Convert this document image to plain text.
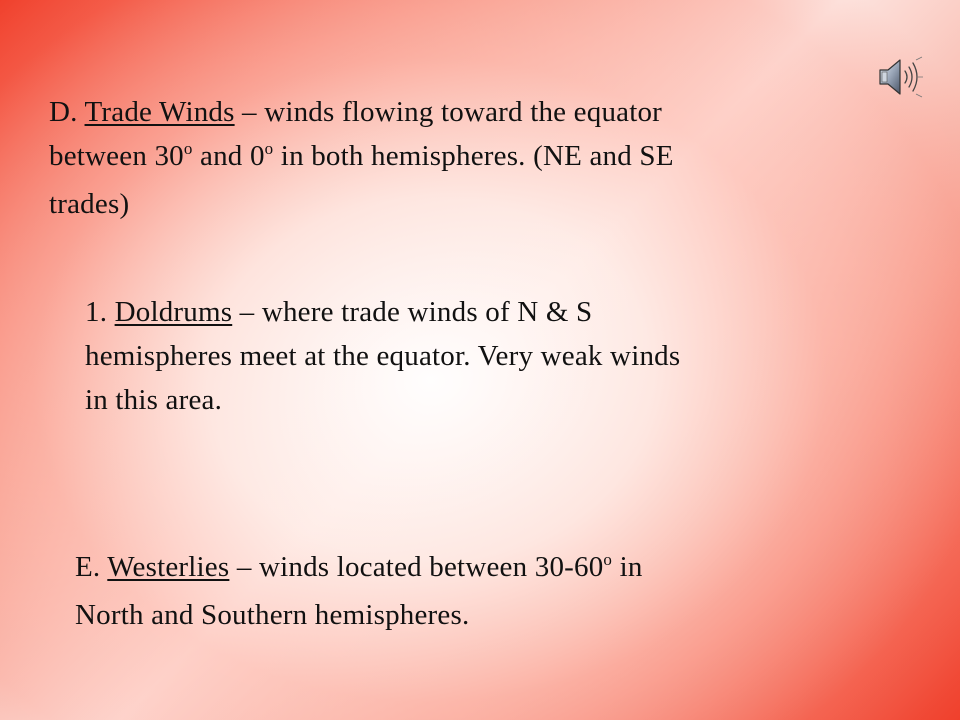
D. Trade Winds – winds flowing toward the equator
between 30$^o$ and 0$^o$ in both hemispheres. (NE and SE
trades)
1. Doldrums – where trade winds of N & S
hemispheres meet at the equator. Very weak winds
in this area.
E. Westerlies – winds located between 30-60$^o$ in
North and Southern hemispheres.
